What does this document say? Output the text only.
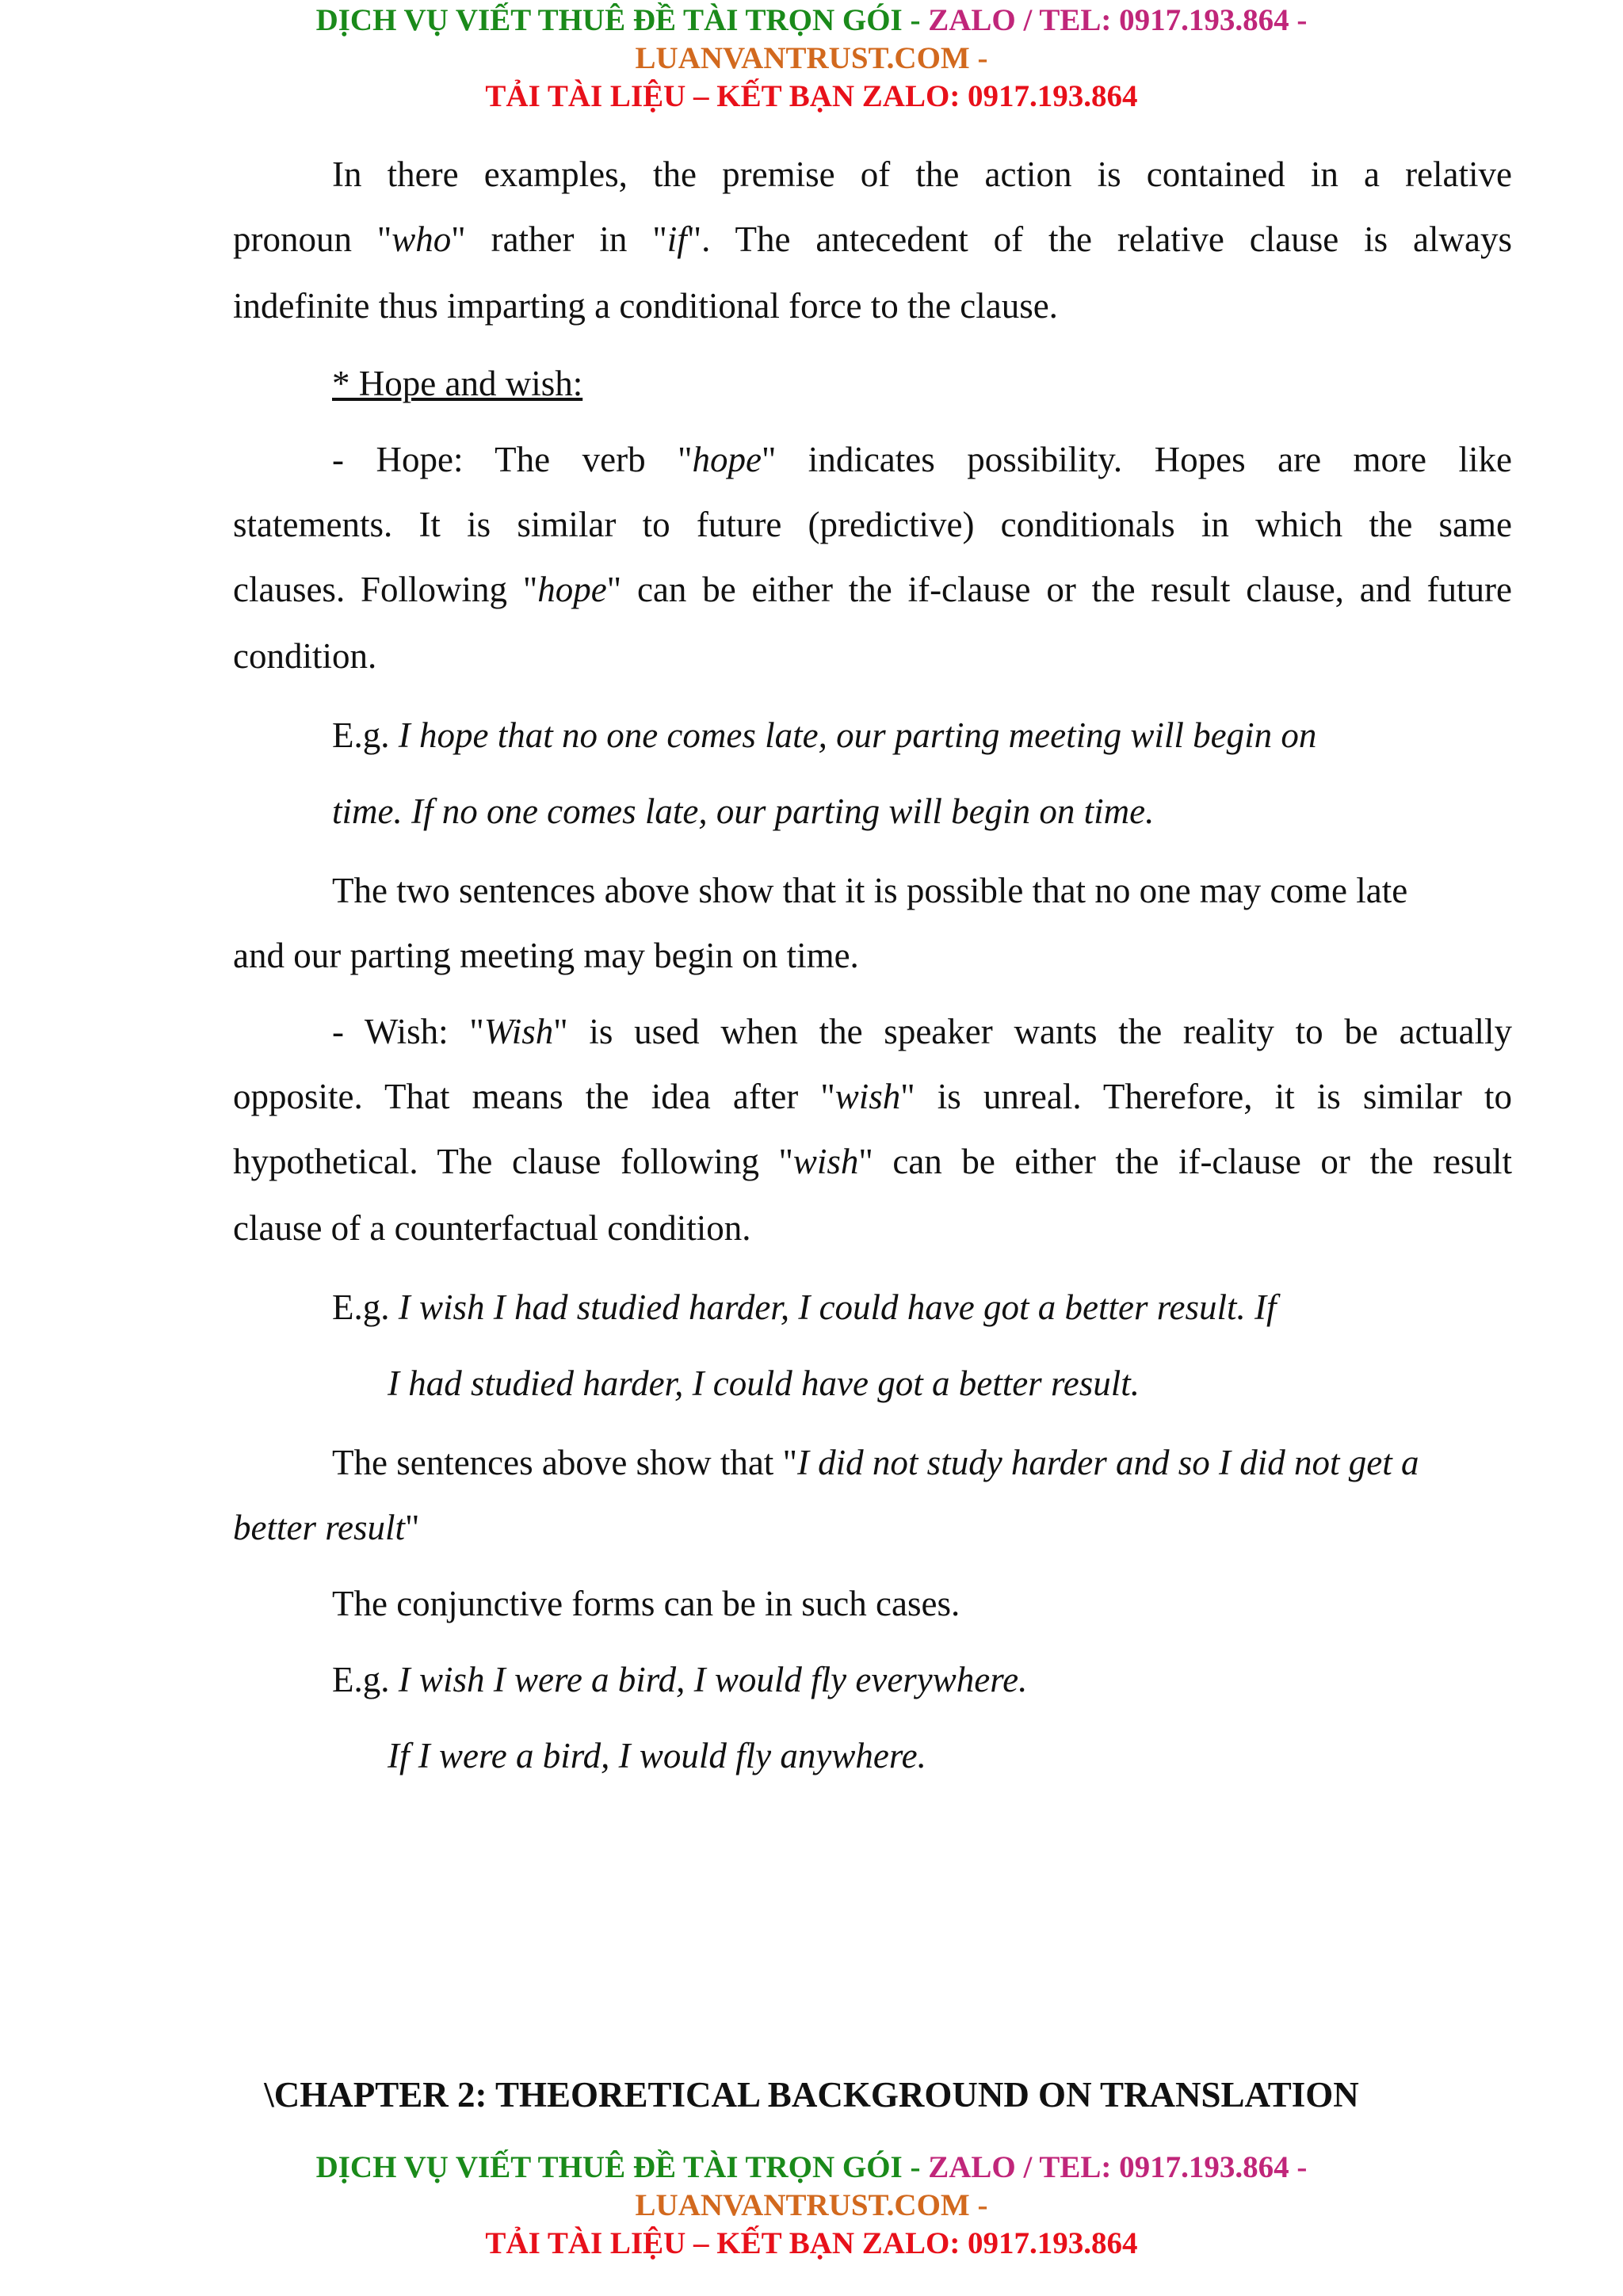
DỊCH VỤ VIẾT THUÊ ĐỀ TÀI TRỌN GÓI - ZALO / TEL: 0917.193.864 -
LUANVANTRUST.COM -
TẢI TÀI LIỆU – KẾT BẠN ZALO: 0917.193.864
In there examples, the premise of the action is contained in a relative
pronoun "who" rather in "if". The antecedent of the relative clause is always
indefinite thus imparting a conditional force to the clause.
* Hope and wish:
- Hope: The verb "hope" indicates possibility. Hopes are more like
statements. It is similar to future (predictive) conditionals in which the same
clauses. Following "hope" can be either the if-clause or the result clause, and future
condition.
E.g. I hope that no one comes late, our parting meeting will begin on
time. If no one comes late, our parting will begin on time.
The two sentences above show that it is possible that no one may come late
and our parting meeting may begin on time.
- Wish: "Wish" is used when the speaker wants the reality to be actually
opposite. That means the idea after "wish" is unreal. Therefore, it is similar to
hypothetical. The clause following "wish" can be either the if-clause or the result
clause of a counterfactual condition.
E.g. I wish I had studied harder, I could have got a better result. If
I had studied harder, I could have got a better result.
The sentences above show that "I did not study harder and so I did not get a
better result"
The conjunctive forms can be in such cases.
E.g. I wish I were a bird, I would fly everywhere.
If I were a bird, I would fly anywhere.
\CHAPTER 2: THEORETICAL BACKGROUND ON TRANSLATION
DỊCH VỤ VIẾT THUÊ ĐỀ TÀI TRỌN GÓI - ZALO / TEL: 0917.193.864 -
LUANVANTRUST.COM -
TẢI TÀI LIỆU – KẾT BẠN ZALO: 0917.193.864
